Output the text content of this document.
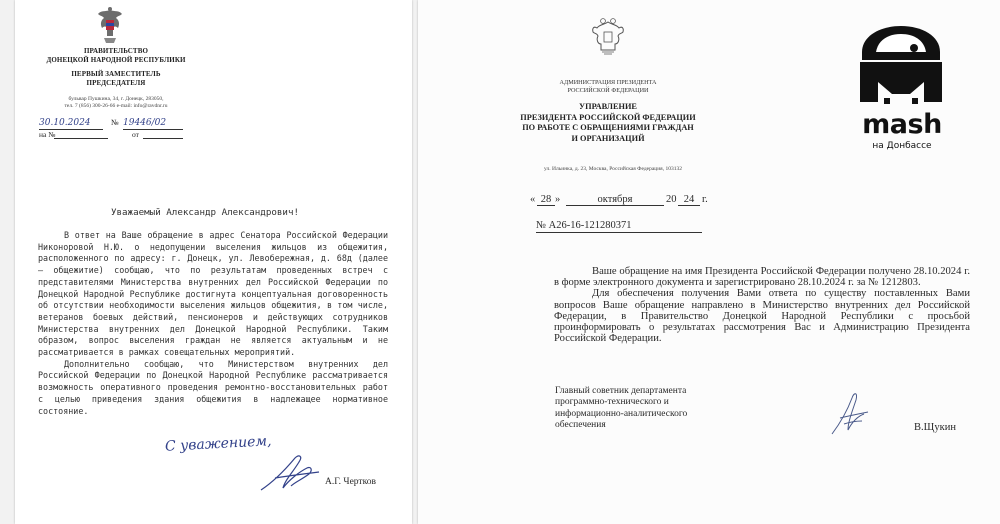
ПРАВИТЕЛЬСТВО
ДОНЕЦКОЙ НАРОДНОЙ РЕСПУБЛИКИ
ПЕРВЫЙ ЗАМЕСТИТЕЛЬ
ПРЕДСЕДАТЕЛЯ
бульвар Пушкина, 34, г. Донецк, 283050,
тел. 7 (856) 300-26-66 e-mail: info@ravdnr.ru
30.10.2024	№ 19446/02
на №	от
Уважаемый Александр Александрович!

В ответ на Ваше обращение в адрес Сенатора Российской Федерации Никоноровой Н.Ю. о недопущении выселения жильцов из общежития, расположенного по адресу: г. Донецк, ул. Левобережная, д. 68д (далее – общежитие) сообщаю, что по результатам проведенных встреч с представителями Министерства внутренних дел Российской Федерации по Донецкой Народной Республике достигнута концептуальная договоренность об отсутствии необходимости выселения жильцов общежития, в том числе, ветеранов боевых действий, пенсионеров и действующих сотрудников Министерства внутренних дел Донецкой Народной Республики. Таким образом, вопрос выселения граждан не является актуальным и не рассматривается в рамках совещательных мероприятий.

Дополнительно сообщаю, что Министерством внутренних дел Российской Федерации по Донецкой Народной Республике рассматривается возможность оперативного проведения ремонтно-восстановительных работ с целью приведения здания общежития в надлежащее нормативное состояние.

С уважением,
А.Г. Чертков
АДМИНИСТРАЦИЯ ПРЕЗИДЕНТА
РОССИЙСКОЙ ФЕДЕРАЦИИ
УПРАВЛЕНИЕ
ПРЕЗИДЕНТА РОССИЙСКОЙ ФЕДЕРАЦИИ
ПО РАБОТЕ С ОБРАЩЕНИЯМИ ГРАЖДАН
И ОРГАНИЗАЦИЙ
ул. Ильинка, д. 23, Москва, Российская Федерация, 103132
« 28 »	октября	20 24 г.
№ А26-16-121280371

Ваше обращение на имя Президента Российской Федерации получено 28.10.2024 г. в форме электронного документа и зарегистрировано 28.10.2024 г. за № 1212803.

Для обеспечения получения Вами ответа по существу поставленных Вами вопросов Ваше обращение направлено в Министерство внутренних дел Российской Федерации, в Правительство Донецкой Народной Республики с просьбой проинформировать о результатах рассмотрения Вас и Администрацию Президента Российской Федерации.

Главный советник департамента
программно-технического и
информационно-аналитического
обеспечения	В.Щукин
mash
на Донбассе
